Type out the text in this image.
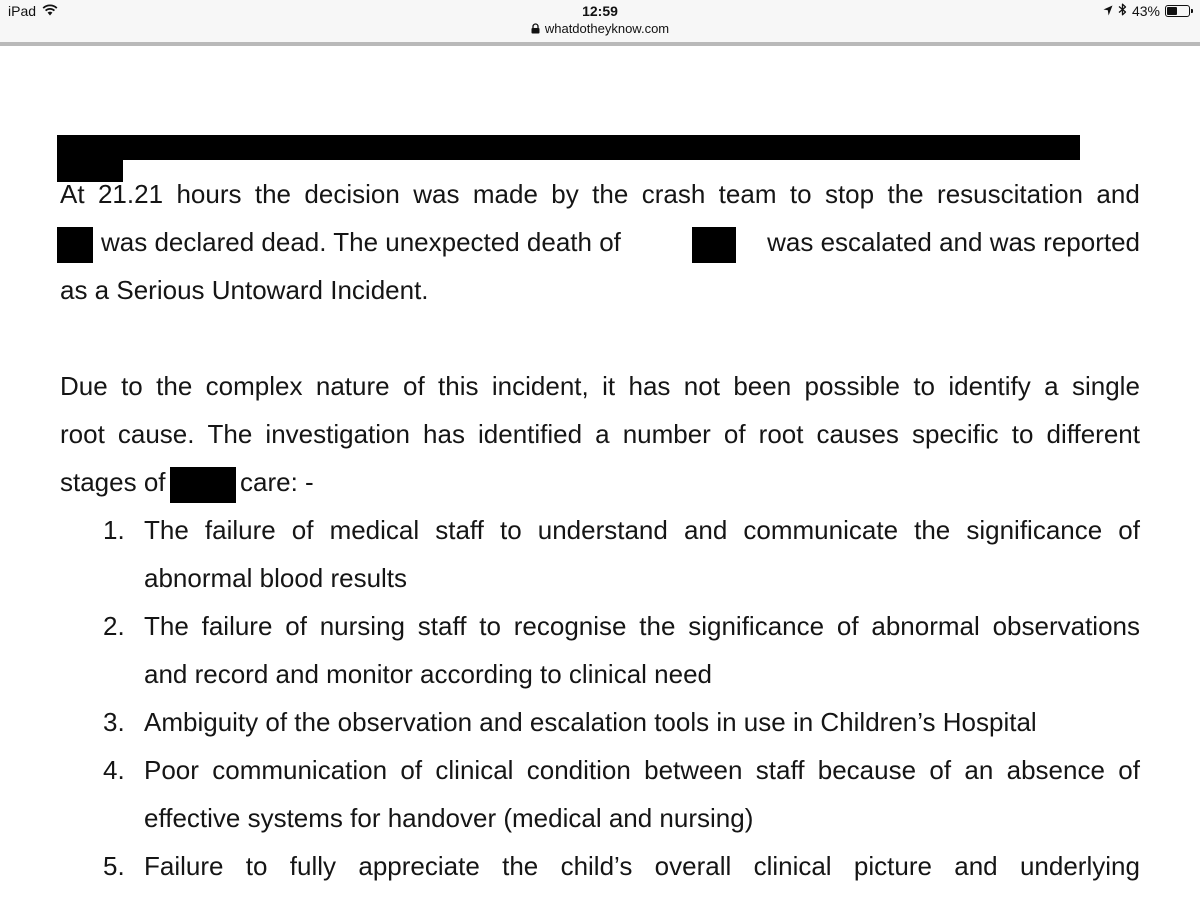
iPad	12:59
whatdotheyknow.com
43%
At 21.21 hours the decision was made by the crash team to stop the resuscitation and
was declared dead. The unexpected death of	was escalated and was reported
as a Serious Untoward Incident.
Due to the complex nature of this incident, it has not been possible to identify a single
root cause. The investigation has identified a number of root causes specific to different
stages of	care: -
1. The failure of medical staff to understand and communicate the significance of
abnormal blood results
2. The failure of nursing staff to recognise the significance of abnormal observations
and record and monitor according to clinical need
3. Ambiguity of the observation and escalation tools in use in Children’s Hospital
4. Poor communication of clinical condition between staff because of an absence of
effective systems for handover (medical and nursing)
5. Failure to fully appreciate the child’s overall clinical picture and underlying
